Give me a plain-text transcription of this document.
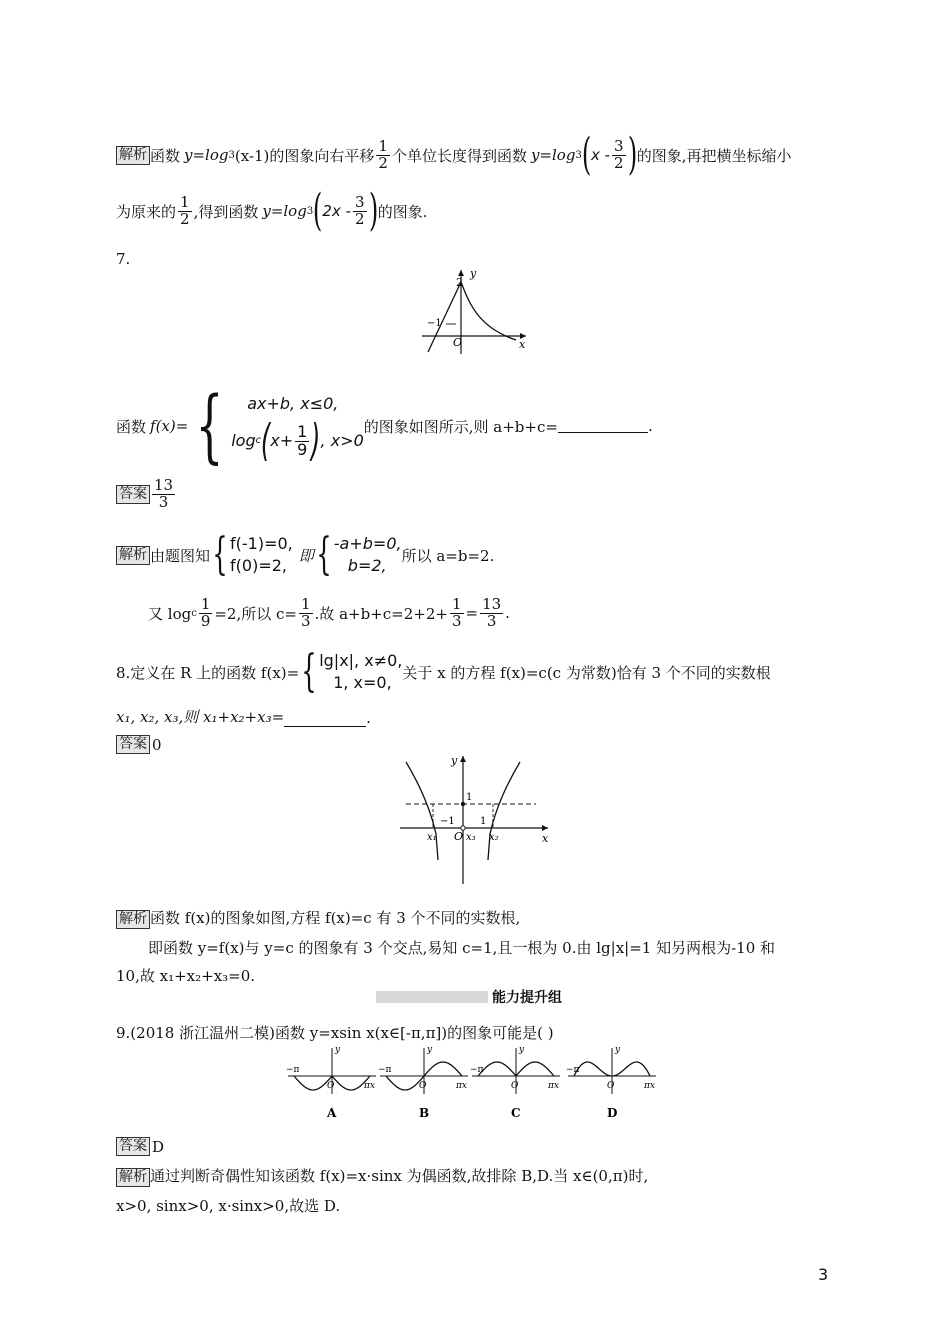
解析 函数 y=log 3 (x-1)的图象向右平移 $\frac{1}{2}$ 个单位长度得到函数 y=log 3 ( x - $\frac{3}{2}$ ) 的图象,再把横坐标缩小
为原来的 $\frac{1}{2}$ ,得到函数 y=log 3 ( $2x - \frac{3}{2}$ ) 的图象.
7.
y
x
O
2
−1
函数 f(x)= {	ax+b, x≤0,
log c ( $x+ \frac{1}{9}$ ) , x>0
的图象如图所示,则 a+b+c=	.
答案 $\frac{13}{3}$
解析 由题图知 { f(-1)=0,
f(0)=2,
即 { -a+b=0,
b=2,
所以 a=b=2.
又 log c $\frac{1}{9} =2$,所以 $c= \frac{1}{3}$ .故 $a+b+c=2+2+ \frac{1}{3} = \frac{13}{3}$ .
8.定义在 R 上的函数 f(x)= { lg|x|, x≠0,
1, x=0,
关于 x 的方程 f(x)=c(c 为常数)恰有 3 个不同的实数根
x₁, x₂, x₃,则 x₁+x₂+x₃=	.
答案 0
y
x
O
1
−1	1
x₁	x₃ x₂
解析 函数 f(x)的图象如图,方程 f(x)=c 有 3 个不同的实数根,
即函数 y=f(x)与 y=c 的图象有 3 个交点,易知 c=1,且一根为 0.由 lg|x|=1 知另两根为-10 和
10,故 x₁+x₂+x₃=0.
能力提升组
9.(2018 浙江温州二模)函数 y=xsin x(x∈[-π,π])的图象可能是( )
O
−π
πx
y
A
O
−π
πx
y
B
O
−π
πx
y
C
O
−π
πx
y
D
答案 D
解析 通过判断奇偶性知该函数 f(x)=x·sinx 为偶函数,故排除 B,D.当 x∈(0,π)时,
x>0, sinx>0, x·sinx>0,故选 D.
3
